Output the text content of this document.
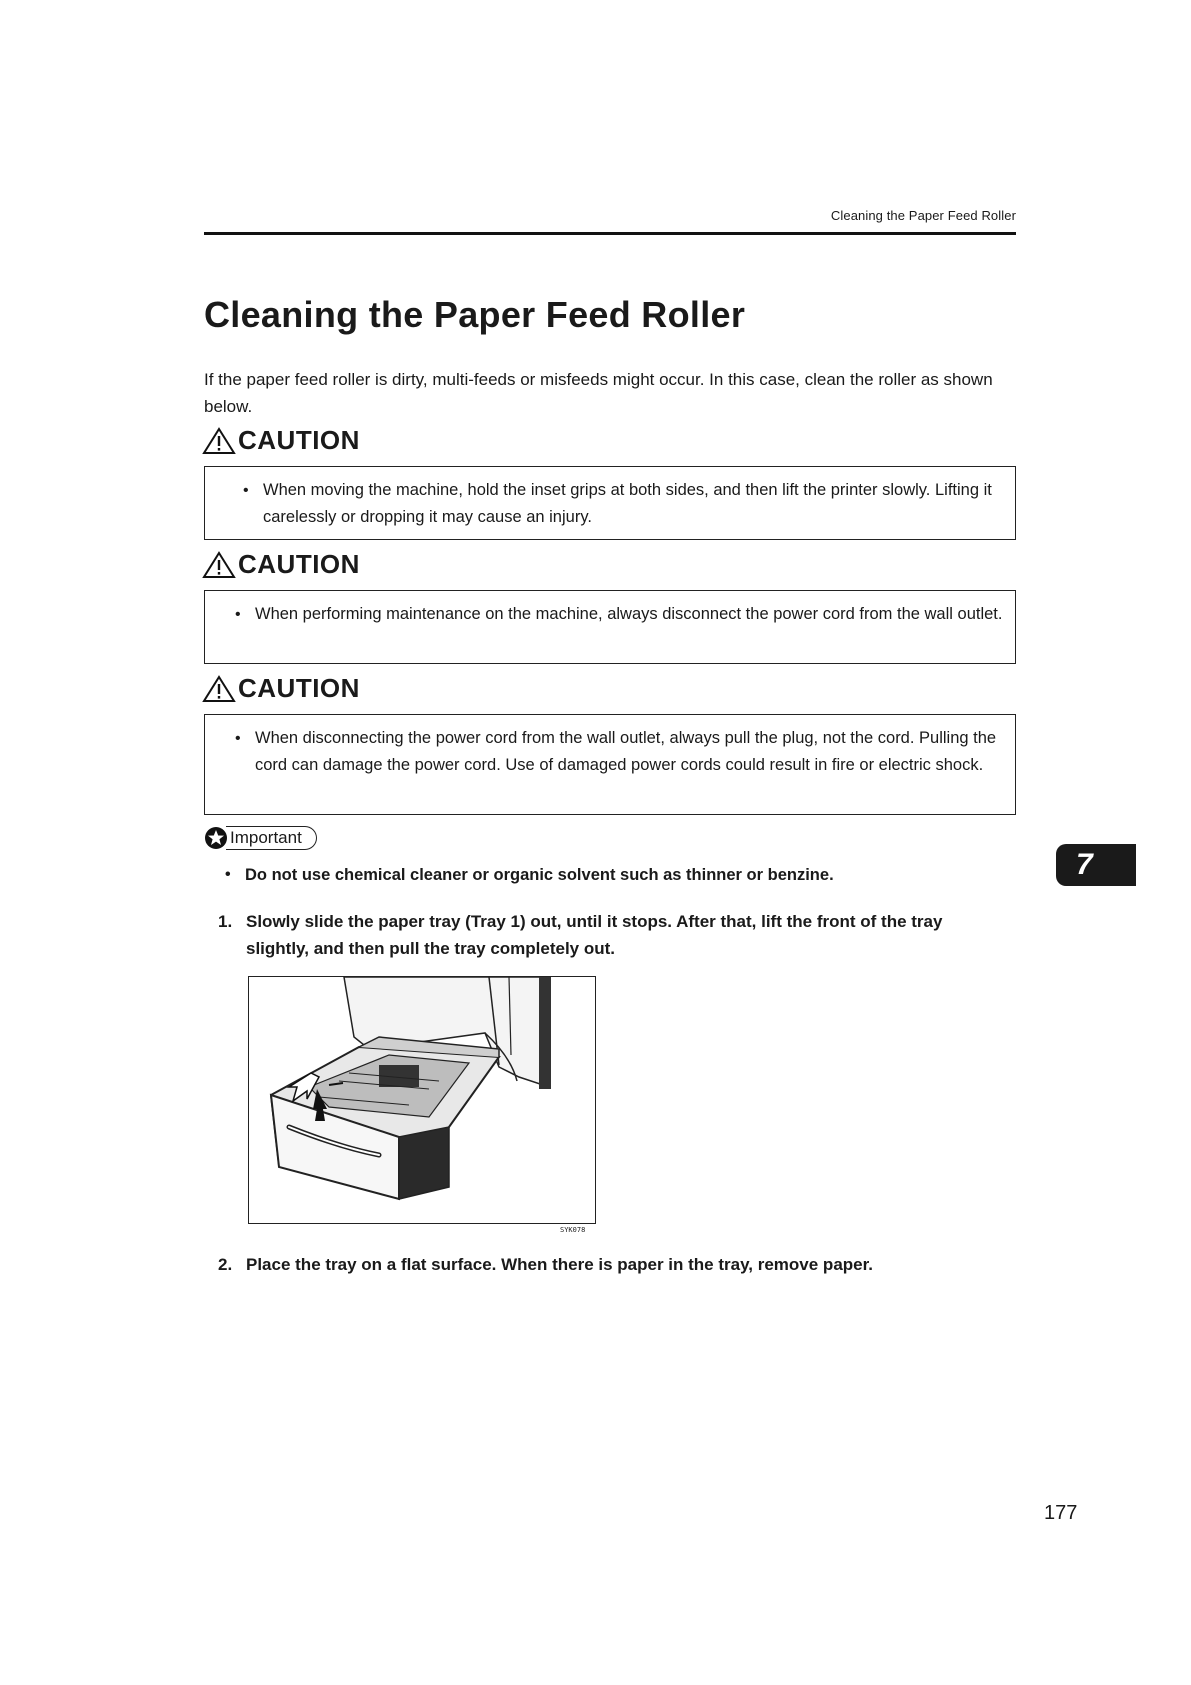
Cleaning the Paper Feed Roller
Cleaning the Paper Feed Roller
If the paper feed roller is dirty, multi-feeds or misfeeds might occur. In this case, clean the roller as shown below.
CAUTION
• When moving the machine, hold the inset grips at both sides, and then lift the printer slowly. Lifting it carelessly or dropping it may cause an injury.
CAUTION
• When performing maintenance on the machine, always disconnect the power cord from the wall outlet.
CAUTION
• When disconnecting the power cord from the wall outlet, always pull the plug, not the cord. Pulling the cord can damage the power cord. Use of damaged power cords could result in fire or electric shock.
Important
• Do not use chemical cleaner or organic solvent such as thinner or benzine.
1. Slowly slide the paper tray (Tray 1) out, until it stops. After that, lift the front of the tray slightly, and then pull the tray completely out.
SYK078
2. Place the tray on a flat surface. When there is paper in the tray, remove paper.
7
177
